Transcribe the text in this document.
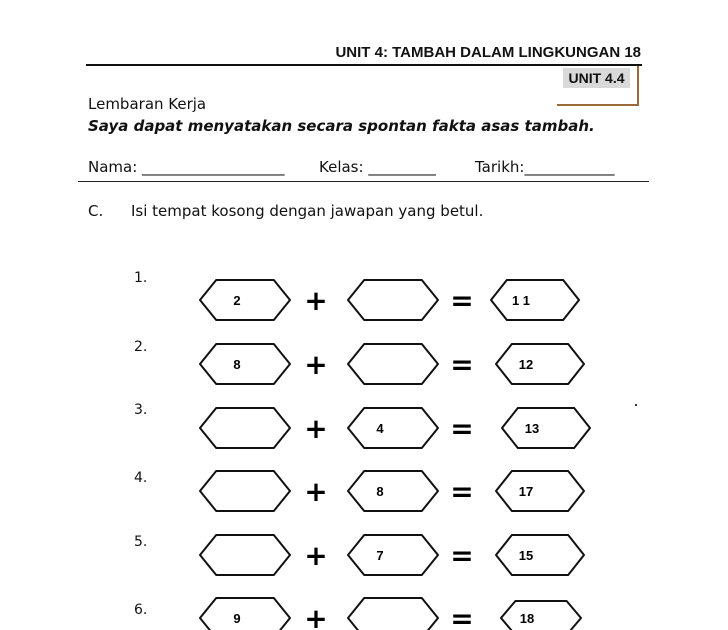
UNIT 4: TAMBAH DALAM LINGKUNGAN 18
UNIT 4.4
Lembaran Kerja
Saya dapat menyatakan secara spontan fakta asas tambah.
Nama: ___________________ Kelas: _________	Tarikh:____________
C. Isi tempat kosong dengan jawapan yang betul.
1.
2.
3.
4.
5.
6.
2 +	=	1 1
8 +	=	12
+	4 =	13
+	8 =	17
+	7 =	15
9 +	=	18
